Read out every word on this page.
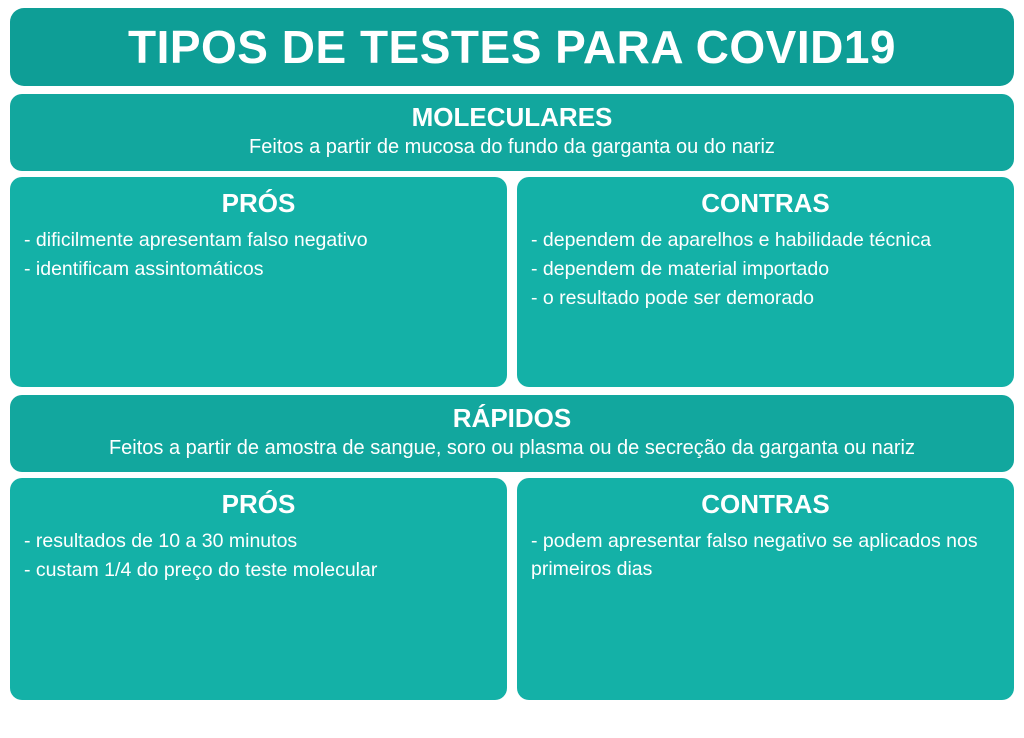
TIPOS DE TESTES PARA COVID19
MOLECULARES
Feitos a partir de mucosa do fundo da garganta ou do nariz
PRÓS
- dificilmente apresentam falso negativo
- identificam assintomáticos
CONTRAS
- dependem de aparelhos e habilidade técnica
- dependem de material importado
- o resultado pode ser demorado
RÁPIDOS
Feitos a partir de amostra de sangue, soro ou plasma ou de secreção da garganta ou nariz
PRÓS
- resultados de 10 a 30 minutos
- custam 1/4 do preço do teste molecular
CONTRAS
- podem apresentar falso negativo se aplicados nos primeiros dias
